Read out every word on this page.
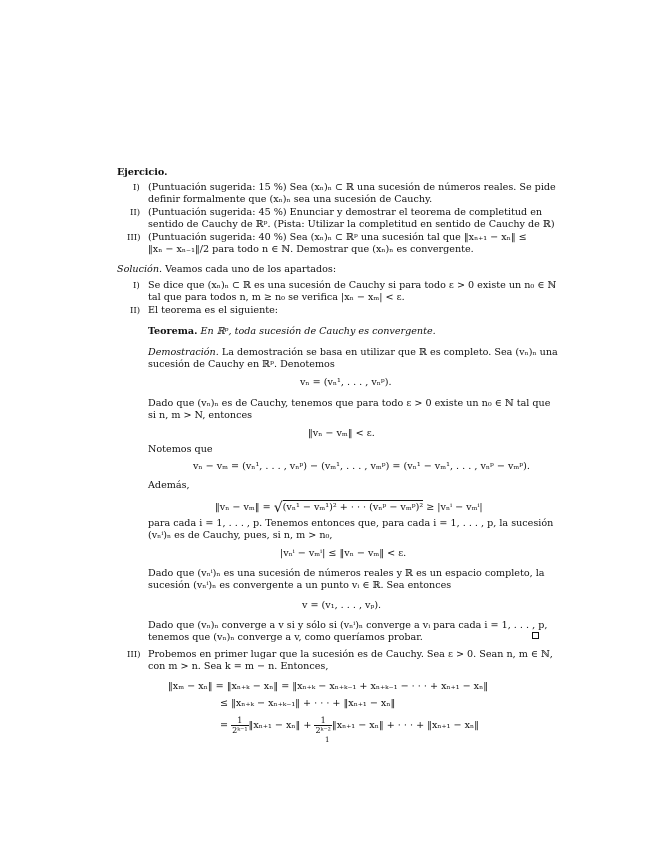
Ejercicio.
I) (Puntuación sugerida: 15 %) Sea (xₙ)ₙ ⊂ ℝ una sucesión de números reales. Se pide
definir formalmente que (xₙ)ₙ sea una sucesión de Cauchy.
II) (Puntuación sugerida: 45 %) Enunciar y demostrar el teorema de completitud en
sentido de Cauchy de ℝᵖ. (Pista: Utilizar la completitud en sentido de Cauchy de ℝ)
III) (Puntuación sugerida: 40 %) Sea (xₙ)ₙ ⊂ ℝᵖ una sucesión tal que ‖xₙ₊₁ − xₙ‖ ≤
‖xₙ − xₙ₋₁‖/2 para todo n ∈ ℕ. Demostrar que (xₙ)ₙ es convergente.
Solución. Veamos cada uno de los apartados:
I) Se dice que (xₙ)ₙ ⊂ ℝ es una sucesión de Cauchy si para todo ε > 0 existe un n₀ ∈ ℕ
tal que para todos n, m ≥ n₀ se verifica |xₙ − xₘ| < ε.
II) El teorema es el siguiente:
Teorema. En ℝᵖ, toda sucesión de Cauchy es convergente.
Demostración. La demostración se basa en utilizar que ℝ es completo. Sea (vₙ)ₙ una
sucesión de Cauchy en ℝᵖ. Denotemos
vₙ = (vₙ¹, . . . , vₙᵖ).
Dado que (vₙ)ₙ es de Cauchy, tenemos que para todo ε > 0 existe un n₀ ∈ ℕ tal que
si n, m > N, entonces
‖vₙ − vₘ‖ < ε.
Notemos que
vₙ − vₘ = (vₙ¹, . . . , vₙᵖ) − (vₘ¹, . . . , vₘᵖ) = (vₙ¹ − vₘ¹, . . . , vₙᵖ − vₘᵖ).
Además,
‖vₙ − vₘ‖ = √(vₙ¹ − vₘ¹)² + · · · (vₙᵖ − vₘᵖ)² ≥ |vₙⁱ − vₘⁱ|
para cada i = 1, . . . , p. Tenemos entonces que, para cada i = 1, . . . , p, la sucesión
(vₙⁱ)ₙ es de Cauchy, pues, si n, m > n₀,
|vₙⁱ − vₘⁱ| ≤ ‖vₙ − vₘ‖ < ε.
Dado que (vₙⁱ)ₙ es una sucesión de números reales y ℝ es un espacio completo, la
sucesión (vₙⁱ)ₙ es convergente a un punto vᵢ ∈ ℝ. Sea entonces
v = (v₁, . . . , vₚ).
Dado que (vₙ)ₙ converge a v si y sólo si (vₙⁱ)ₙ converge a vᵢ para cada i = 1, . . . , p,
tenemos que (vₙ)ₙ converge a v, como queríamos probar.
III) Probemos en primer lugar que la sucesión es de Cauchy. Sea ε > 0. Sean n, m ∈ ℕ,
con m > n. Sea k = m − n. Entonces,
‖xₘ − xₙ‖ = ‖xₙ₊ₖ − xₙ‖ = ‖xₙ₊ₖ − xₙ₊ₖ₋₁ + xₙ₊ₖ₋₁ − · · · + xₙ₊₁ − xₙ‖
≤ ‖xₙ₊ₖ − xₙ₊ₖ₋₁‖ + · · · + ‖xₙ₊₁ − xₙ‖
= $\frac{1}{\text{2ᵏ⁻¹}}$ ‖xₙ₊₁ − xₙ‖ + $\frac{1}{\text{2ᵏ⁻²}}$ ‖xₙ₊₁ − xₙ‖ + · · · + ‖xₙ₊₁ − xₙ‖
1
